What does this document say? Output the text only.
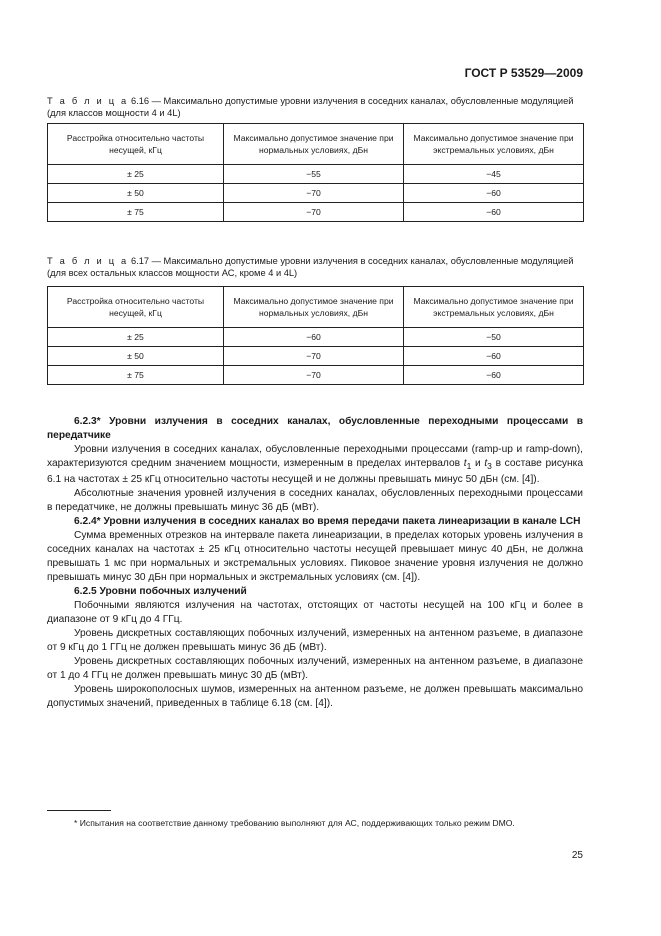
ГОСТ Р 53529—2009
Т а б л и ц а 6.16 — Максимально допустимые уровни излучения в соседних каналах, обусловленные модуляцией (для классов мощности 4 и 4L)
Расстройка относительно частоты несущей, кГц	Максимально допустимое значение при нормальных условиях, дБн	Максимально допустимое значение при экстремальных условиях, дБн
± 25	−55	−45
± 50	−70	−60
± 75	−70	−60
Т а б л и ц а 6.17 — Максимально допустимые уровни излучения в соседних каналах, обусловленные модуляцией (для всех остальных классов мощности АС, кроме 4 и 4L)
Расстройка относительно частоты несущей, кГц	Максимально допустимое значение при нормальных условиях, дБн	Максимально допустимое значение при экстремальных условиях, дБн
± 25	−60	−50
± 50	−70	−60
± 75	−70	−60

6.2.3* Уровни излучения в соседних каналах, обусловленные переходными процессами в передатчике

Уровни излучения в соседних каналах, обусловленные переходными процессами (ramp-up и ramp-down), характеризуются средним значением мощности, измеренным в пределах интервалов $t_1$ и $t_3$ в составе рисунка 6.1 на частотах ± 25 кГц относительно частоты несущей и не должны превышать минус 50 дБн (см. [4]).

Абсолютные значения уровней излучения в соседних каналах, обусловленных переходными процессами в передатчике, не должны превышать минус 36 дБ (мВт).

6.2.4* Уровни излучения в соседних каналах во время передачи пакета линеаризации в канале LCH

Сумма временных отрезков на интервале пакета линеаризации, в пределах которых уровень излучения в соседних каналах на частотах ± 25 кГц относительно частоты несущей превышает минус 40 дБн, не должна превышать 1 мс при нормальных и экстремальных условиях. Пиковое значение уровня излучения не должно превышать минус 30 дБн при нормальных и экстремальных условиях (см. [4]).

6.2.5 Уровни побочных излучений

Побочными являются излучения на частотах, отстоящих от частоты несущей на 100 кГц и более в диапазоне от 9 кГц до 4 ГГц.

Уровень дискретных составляющих побочных излучений, измеренных на антенном разъеме, в диапазоне от 9 кГц до 1 ГГц не должен превышать минус 36 дБ (мВт).

Уровень дискретных составляющих побочных излучений, измеренных на антенном разъеме, в диапазоне от 1 до 4 ГГц не должен превышать минус 30 дБ (мВт).

Уровень широкополосных шумов, измеренных на антенном разъеме, не должен превышать максимально допустимых значений, приведенных в таблице 6.18 (см. [4]).

* Испытания на соответствие данному требованию выполняют для АС, поддерживающих только режим DMO.

25
